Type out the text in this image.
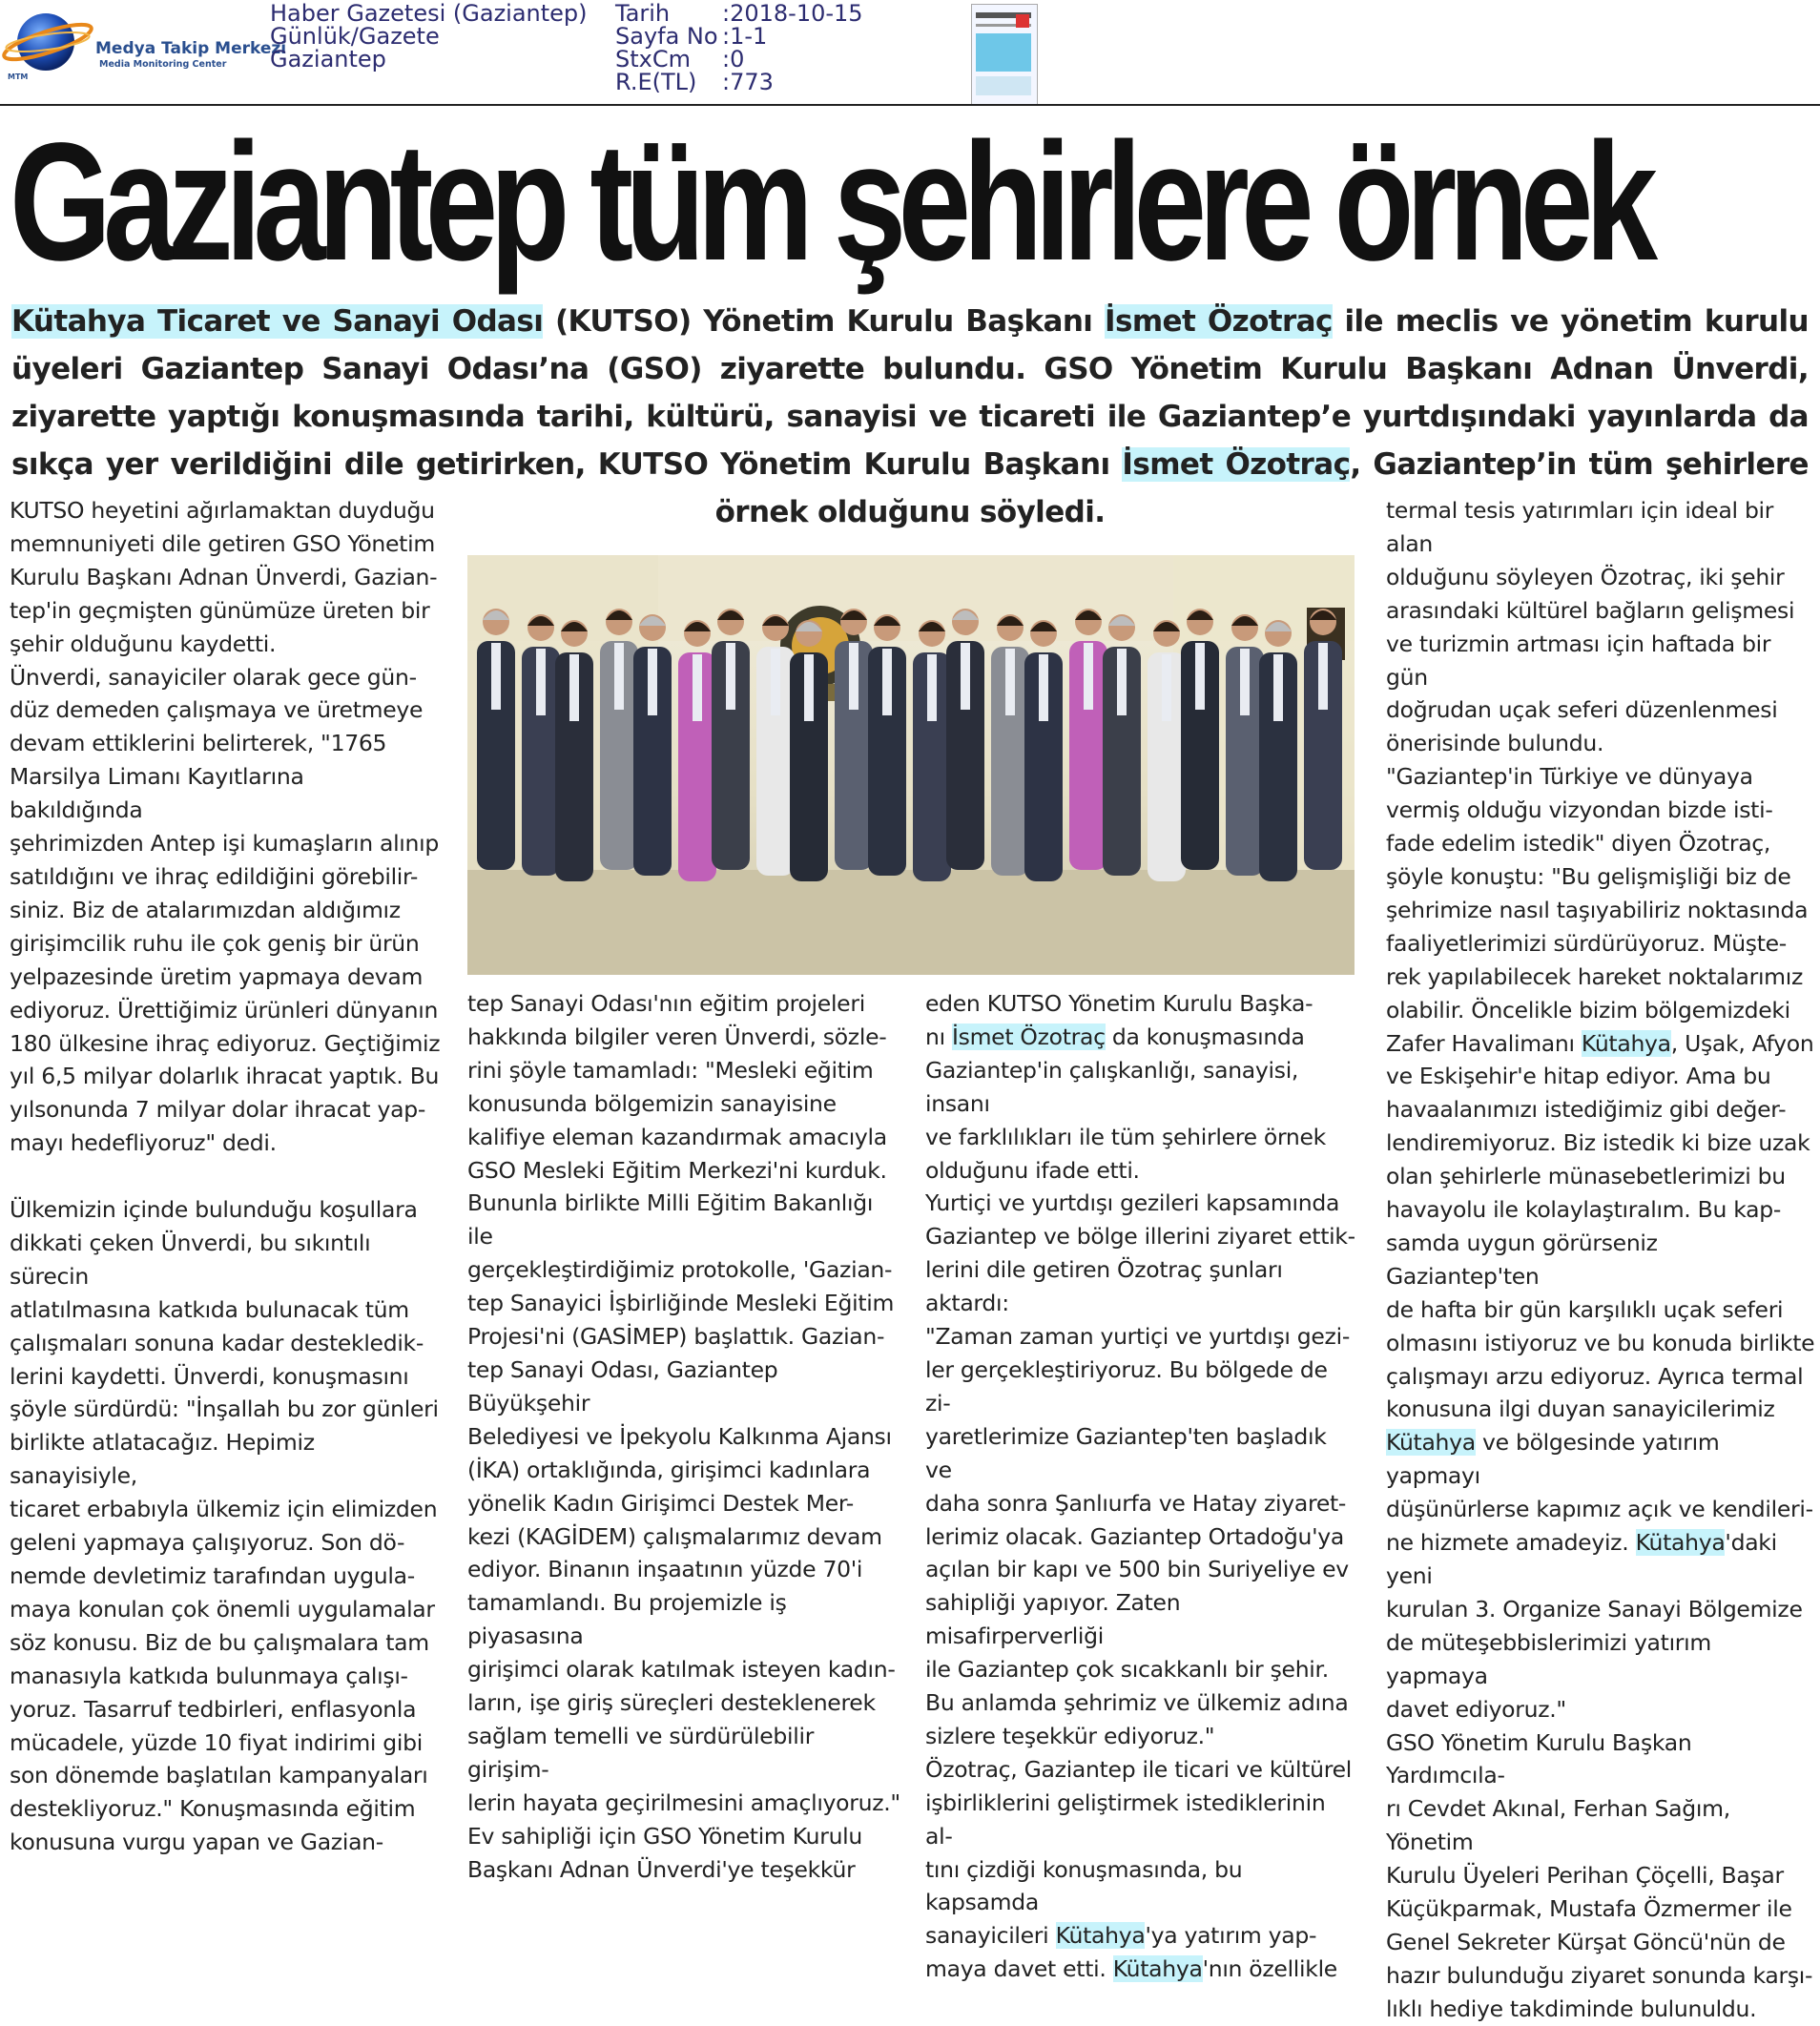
Medya Takip Merkezi
Media Monitoring Center
MTM
Haber Gazetesi (Gaziantep)
Günlük/Gazete
Gaziantep
Tarih :2018-10-15
Sayfa No :1-1
StxCm :0
R.E(TL) :773
Gaziantep tüm şehirlere örnek

Kütahya Ticaret ve Sanayi Odası (KUTSO) Yönetim Kurulu Başkanı İsmet Özotraç ile meclis ve yönetim kurulu üyeleri Gaziantep Sanayi Odası’na (GSO) ziyarette bulundu. GSO Yönetim Kurulu Başkanı Adnan Ünverdi, ziyarette yaptığı konuşmasında tarihi, kültürü, sanayisi ve ticareti ile Gaziantep’e yurtdışındaki yayınlarda da sıkça yer verildiğini dile getirirken, KUTSO Yönetim Kurulu Başkanı İsmet Özotraç, Gaziantep’in tüm şehirlere örnek olduğunu söyledi.

KUTSO heyetini ağırlamaktan duyduğu

memnuniyeti dile getiren GSO Yönetim

Kurulu Başkanı Adnan Ünverdi, Gazian-

tep'in geçmişten günümüze üreten bir

şehir olduğunu kaydetti.

Ünverdi, sanayiciler olarak gece gün-

düz demeden çalışmaya ve üretmeye

devam ettiklerini belirterek, "1765

Marsilya Limanı Kayıtlarına bakıldığında

şehrimizden Antep işi kumaşların alınıp

satıldığını ve ihraç edildiğini görebilir-

siniz. Biz de atalarımızdan aldığımız

girişimcilik ruhu ile çok geniş bir ürün

yelpazesinde üretim yapmaya devam

ediyoruz. Ürettiğimiz ürünleri dünyanın

180 ülkesine ihraç ediyoruz. Geçtiğimiz

yıl 6,5 milyar dolarlık ihracat yaptık. Bu

yılsonunda 7 milyar dolar ihracat yap-

mayı hedefliyoruz" dedi.

Ülkemizin içinde bulunduğu koşullara

dikkati çeken Ünverdi, bu sıkıntılı sürecin

atlatılmasına katkıda bulunacak tüm

çalışmaları sonuna kadar destekledik-

lerini kaydetti. Ünverdi, konuşmasını

şöyle sürdürdü: "İnşallah bu zor günleri

birlikte atlatacağız. Hepimiz sanayisiyle,

ticaret erbabıyla ülkemiz için elimizden

geleni yapmaya çalışıyoruz. Son dö-

nemde devletimiz tarafından uygula-

maya konulan çok önemli uygulamalar

söz konusu. Biz de bu çalışmalara tam

manasıyla katkıda bulunmaya çalışı-

yoruz. Tasarruf tedbirleri, enflasyonla

mücadele, yüzde 10 fiyat indirimi gibi

son dönemde başlatılan kampanyaları

destekliyoruz." Konuşmasında eğitim

konusuna vurgu yapan ve Gazian-

tep Sanayi Odası'nın eğitim projeleri

hakkında bilgiler veren Ünverdi, sözle-

rini şöyle tamamladı: "Mesleki eğitim

konusunda bölgemizin sanayisine

kalifiye eleman kazandırmak amacıyla

GSO Mesleki Eğitim Merkezi'ni kurduk.

Bununla birlikte Milli Eğitim Bakanlığı ile

gerçekleştirdiğimiz protokolle, 'Gazian-

tep Sanayici İşbirliğinde Mesleki Eğitim

Projesi'ni (GASİMEP) başlattık. Gazian-

tep Sanayi Odası, Gaziantep Büyükşehir

Belediyesi ve İpekyolu Kalkınma Ajansı

(İKA) ortaklığında, girişimci kadınlara

yönelik Kadın Girişimci Destek Mer-

kezi (KAGİDEM) çalışmalarımız devam

ediyor. Binanın inşaatının yüzde 70'i

tamamlandı. Bu projemizle iş piyasasına

girişimci olarak katılmak isteyen kadın-

ların, işe giriş süreçleri desteklenerek

sağlam temelli ve sürdürülebilir girişim-

lerin hayata geçirilmesini amaçlıyoruz."

Ev sahipliği için GSO Yönetim Kurulu

Başkanı Adnan Ünverdi'ye teşekkür

eden KUTSO Yönetim Kurulu Başka-

nı İsmet Özotraç da konuşmasında

Gaziantep'in çalışkanlığı, sanayisi, insanı

ve farklılıkları ile tüm şehirlere örnek

olduğunu ifade etti.

Yurtiçi ve yurtdışı gezileri kapsamında

Gaziantep ve bölge illerini ziyaret ettik-

lerini dile getiren Özotraç şunları aktardı:

"Zaman zaman yurtiçi ve yurtdışı gezi-

ler gerçekleştiriyoruz. Bu bölgede de zi-

yaretlerimize Gaziantep'ten başladık ve

daha sonra Şanlıurfa ve Hatay ziyaret-

lerimiz olacak. Gaziantep Ortadoğu'ya

açılan bir kapı ve 500 bin Suriyeliye ev

sahipliği yapıyor. Zaten misafirperverliği

ile Gaziantep çok sıcakkanlı bir şehir.

Bu anlamda şehrimiz ve ülkemiz adına

sizlere teşekkür ediyoruz."

Özotraç, Gaziantep ile ticari ve kültürel

işbirliklerini geliştirmek istediklerinin al-

tını çizdiği konuşmasında, bu kapsamda

sanayicileri Kütahya'ya yatırım yap-

maya davet etti. Kütahya'nın özellikle

termal tesis yatırımları için ideal bir alan

olduğunu söyleyen Özotraç, iki şehir

arasındaki kültürel bağların gelişmesi

ve turizmin artması için haftada bir gün

doğrudan uçak seferi düzenlenmesi

önerisinde bulundu.

"Gaziantep'in Türkiye ve dünyaya

vermiş olduğu vizyondan bizde isti-

fade edelim istedik" diyen Özotraç,

şöyle konuştu: "Bu gelişmişliği biz de

şehrimize nasıl taşıyabiliriz noktasında

faaliyetlerimizi sürdürüyoruz. Müşte-

rek yapılabilecek hareket noktalarımız

olabilir. Öncelikle bizim bölgemizdeki

Zafer Havalimanı Kütahya, Uşak, Afyon

ve Eskişehir'e hitap ediyor. Ama bu

havaalanımızı istediğimiz gibi değer-

lendiremiyoruz. Biz istedik ki bize uzak

olan şehirlerle münasebetlerimizi bu

havayolu ile kolaylaştıralım. Bu kap-

samda uygun görürseniz Gaziantep'ten

de hafta bir gün karşılıklı uçak seferi

olmasını istiyoruz ve bu konuda birlikte

çalışmayı arzu ediyoruz. Ayrıca termal

konusuna ilgi duyan sanayicilerimiz

Kütahya ve bölgesinde yatırım yapmayı

düşünürlerse kapımız açık ve kendileri-

ne hizmete amadeyiz. Kütahya'daki yeni

kurulan 3. Organize Sanayi Bölgemize

de müteşebbislerimizi yatırım yapmaya

davet ediyoruz."

GSO Yönetim Kurulu Başkan Yardımcıla-

rı Cevdet Akınal, Ferhan Sağım, Yönetim

Kurulu Üyeleri Perihan Çöçelli, Başar

Küçükparmak, Mustafa Özmermer ile

Genel Sekreter Kürşat Göncü'nün de

hazır bulunduğu ziyaret sonunda karşı-

lıklı hediye takdiminde bulunuldu.
